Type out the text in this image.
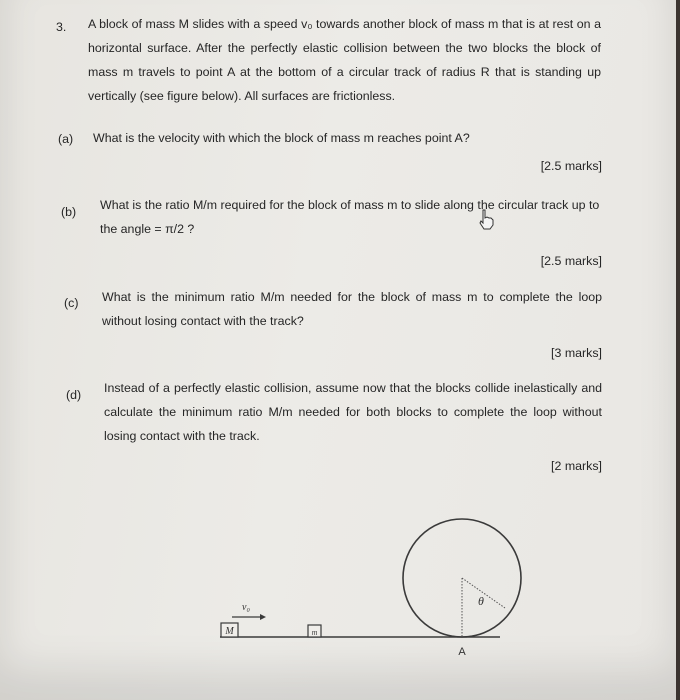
3. A block of mass M slides with a speed v₀ towards another block of mass m that is at rest on a horizontal surface. After the perfectly elastic collision between the two blocks the block of mass m travels to point A at the bottom of a circular track of radius R that is standing up vertically (see figure below). All surfaces are frictionless.

(a) What is the velocity with which the block of mass m reaches point A?

[2.5 marks]
(b) What is the ratio M/m required for the block of mass m to slide along the circular track up to the angle = π/2 ?

[2.5 marks]
(c) What is the minimum ratio M/m needed for the block of mass m to complete the loop without losing contact with the track?

[3 marks]
(d) Instead of a perfectly elastic collision, assume now that the blocks collide inelastically and calculate the minimum ratio M/m needed for both blocks to complete the loop without losing contact with the track.

[2 marks]
M
v₀
m
θ
A
